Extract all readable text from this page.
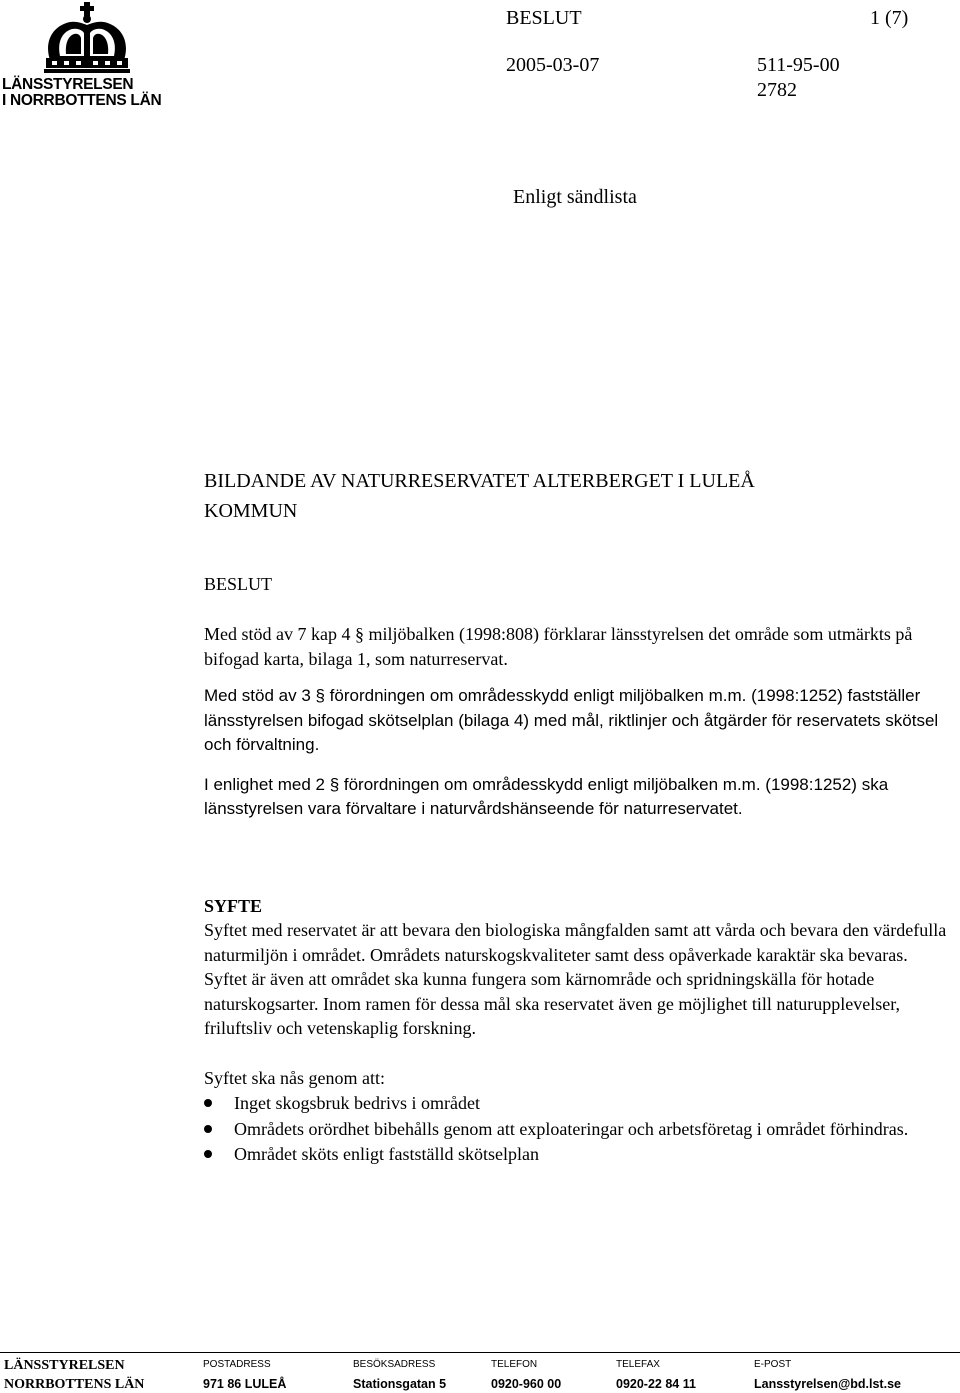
LÄNSSTYRELSEN
I NORRBOTTENS LÄN
BESLUT	1 (7)
2005-03-07	511-95-00
2782
Enligt sändlista
BILDANDE AV NATURRESERVATET ALTERBERGET I LULEÅ
KOMMUN
BESLUT

Med stöd av 7 kap 4 § miljöbalken (1998:808) förklarar länsstyrelsen det område som utmärkts på bifogad karta, bilaga 1, som naturreservat.

Med stöd av 3 § förordningen om områdesskydd enligt miljöbalken m.m. (1998:1252) fastställer länsstyrelsen bifogad skötselplan (bilaga 4) med mål, riktlinjer och åtgärder för reservatets skötsel och förvaltning.

I enlighet med 2 § förordningen om områdesskydd enligt miljöbalken m.m. (1998:1252) ska länsstyrelsen vara förvaltare i naturvårdshänseende för naturreservatet.

SYFTE

Syftet med reservatet är att bevara den biologiska mångfalden samt att vårda och bevara den värdefulla naturmiljön i området. Områdets naturskogskvaliteter samt dess opåverkade karaktär ska bevaras. Syftet är även att området ska kunna fungera som kärnområde och spridningskälla för hotade naturskogsarter. Inom ramen för dessa mål ska reservatet även ge möjlighet till naturupplevelser, friluftsliv och vetenskaplig forskning.

Syftet ska nås genom att:

Inget skogsbruk bedrivs i området
Områdets orördhet bibehålls genom att exploateringar och arbetsföretag i området förhindras.
Området sköts enligt fastställd skötselplan
LÄNSSTYRELSEN
NORRBOTTENS LÄN
POSTADRESS
971 86 LULEÅ
BESÖKSADRESS
Stationsgatan 5
TELEFON
0920-960 00
TELEFAX
0920-22 84 11
E-POST
Lansstyrelsen@bd.lst.se
